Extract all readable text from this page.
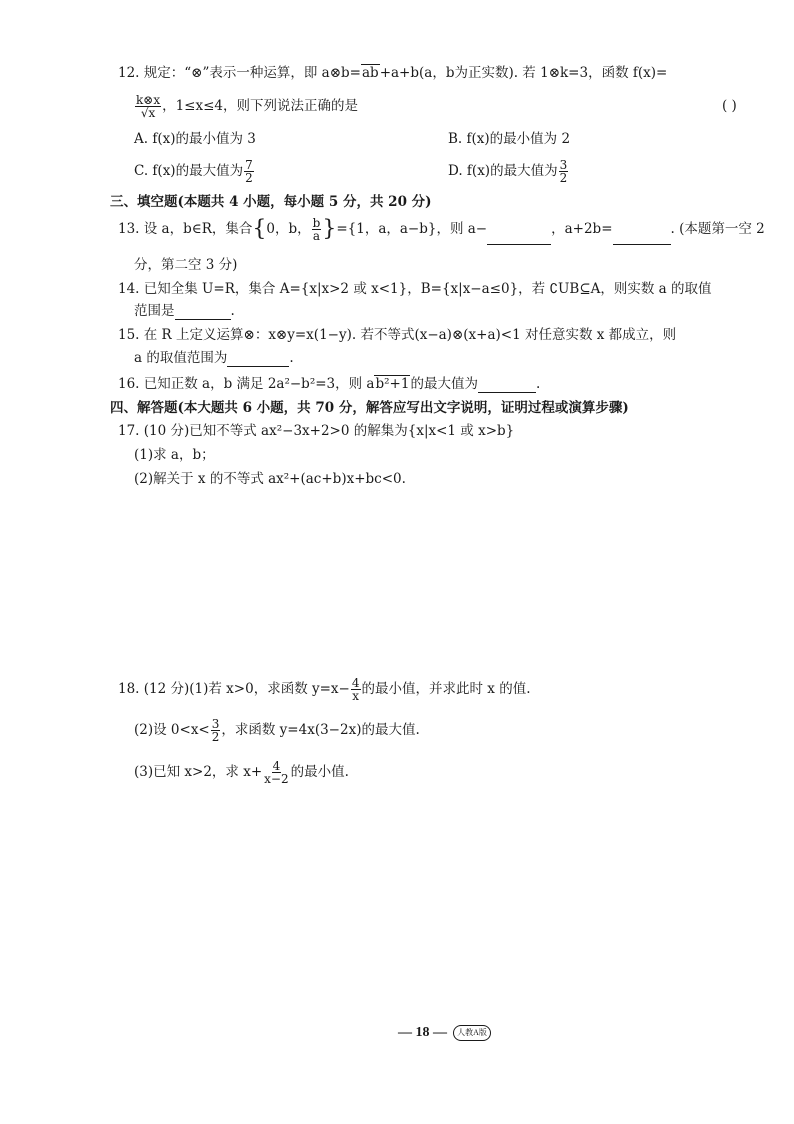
12. 规定：“⊗”表示一种运算，即 a⊗b=ab+a+b(a，b为正实数). 若 1⊗k=3，函数 f(x)=
$\frac{k\otimes x}{√x}$ ，1≤x≤4，则下列说法正确的是	( )
A. f(x)的最小值为 3	B. f(x)的最小值为 2
C. f(x)的最大值为 $\frac{7}{2}$	D. f(x)的最大值为 $\frac{3}{2}$
三、填空题(本题共 4 小题，每小题 5 分，共 20 分)
13. 设 a，b∈R，集合{0，b， $\frac{b}{a} \}=\{1$，a，a−b}，则 a−	，a+2b=	. (本题第一空 2
分，第二空 3 分)
14. 已知全集 U=R，集合 A={x|x>2 或 x<1}，B={x|x−a≤0}，若 ∁UB⊆A，则实数 a 的取值
范围是	.
15. 在 R 上定义运算⊗：x⊗y=x(1−y). 若不等式(x−a)⊗(x+a)<1 对任意实数 x 都成立，则
a 的取值范围为	.
16. 已知正数 a，b 满足 2a²−b²=3，则 ab²+1的最大值为	.
四、解答题(本大题共 6 小题，共 70 分，解答应写出文字说明，证明过程或演算步骤)
17. (10 分)已知不等式 ax²−3x+2>0 的解集为{x|x<1 或 x>b}
(1)求 a，b；
(2)解关于 x 的不等式 ax²+(ac+b)x+bc<0.
18. (12 分)(1)若 x>0，求函数 $y=x- \frac{4}{x}$ 的最小值，并求此时 x 的值.
(2)设 $0<x< \frac{3}{2}$ ，求函数 y=4x(3−2x)的最大值.
(3)已知 x>2，求 $x+ \frac{4}{x-2}$ 的最小值.
— 18 — 人教A版
